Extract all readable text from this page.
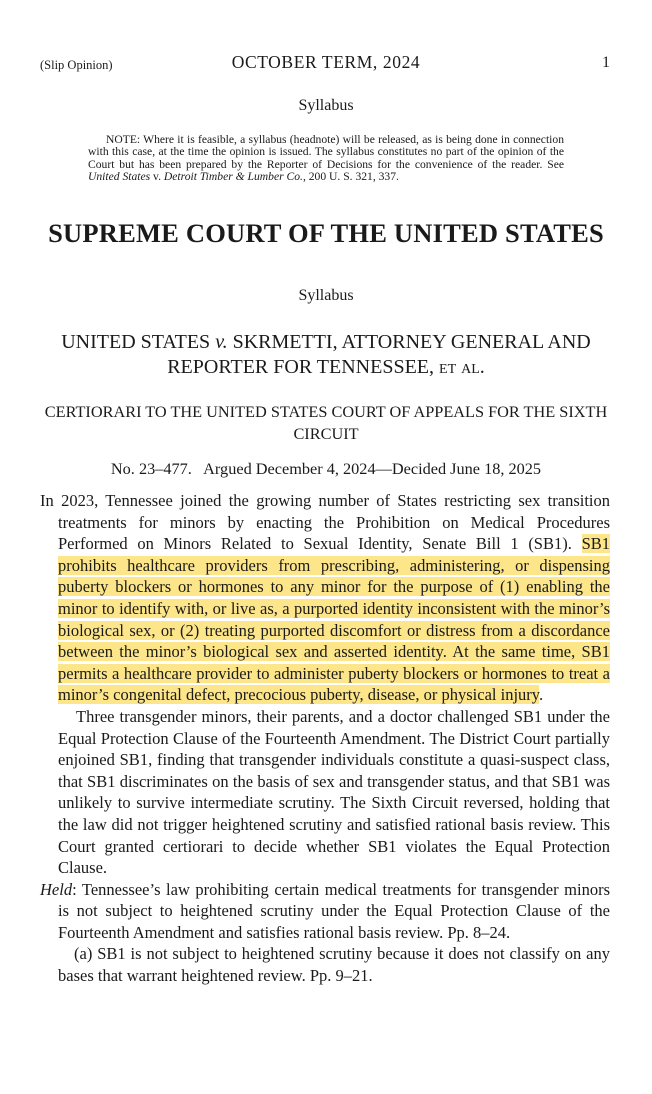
(Slip Opinion)	OCTOBER TERM, 2024	1
Syllabus
NOTE: Where it is feasible, a syllabus (headnote) will be released, as is being done in connection with this case, at the time the opinion is issued. The syllabus constitutes no part of the opinion of the Court but has been prepared by the Reporter of Decisions for the convenience of the reader. See United States v. Detroit Timber & Lumber Co., 200 U. S. 321, 337.
SUPREME COURT OF THE UNITED STATES
Syllabus
UNITED STATES v. SKRMETTI, ATTORNEY GENERAL AND REPORTER FOR TENNESSEE, et al.
CERTIORARI TO THE UNITED STATES COURT OF APPEALS FOR THE SIXTH CIRCUIT
No. 23–477.   Argued December 4, 2024—Decided June 18, 2025

In 2023, Tennessee joined the growing number of States restricting sex transition treatments for minors by enacting the Prohibition on Medical Procedures Performed on Minors Related to Sexual Identity, Senate Bill 1 (SB1). SB1 prohibits healthcare providers from prescribing, administering, or dispensing puberty blockers or hormones to any minor for the purpose of (1) enabling the minor to identify with, or live as, a purported identity inconsistent with the minor’s biological sex, or (2) treating purported discomfort or distress from a discordance between the minor’s biological sex and asserted identity. At the same time, SB1 permits a healthcare provider to administer puberty blockers or hormones to treat a minor’s congenital defect, precocious puberty, disease, or physical injury.

Three transgender minors, their parents, and a doctor challenged SB1 under the Equal Protection Clause of the Fourteenth Amendment. The District Court partially enjoined SB1, finding that transgender individuals constitute a quasi-suspect class, that SB1 discriminates on the basis of sex and transgender status, and that SB1 was unlikely to survive intermediate scrutiny. The Sixth Circuit reversed, holding that the law did not trigger heightened scrutiny and satisfied rational basis review. This Court granted certiorari to decide whether SB1 violates the Equal Protection Clause.

Held: Tennessee’s law prohibiting certain medical treatments for transgender minors is not subject to heightened scrutiny under the Equal Protection Clause of the Fourteenth Amendment and satisfies rational basis review. Pp. 8–24.

(a) SB1 is not subject to heightened scrutiny because it does not classify on any bases that warrant heightened review. Pp. 9–21.
